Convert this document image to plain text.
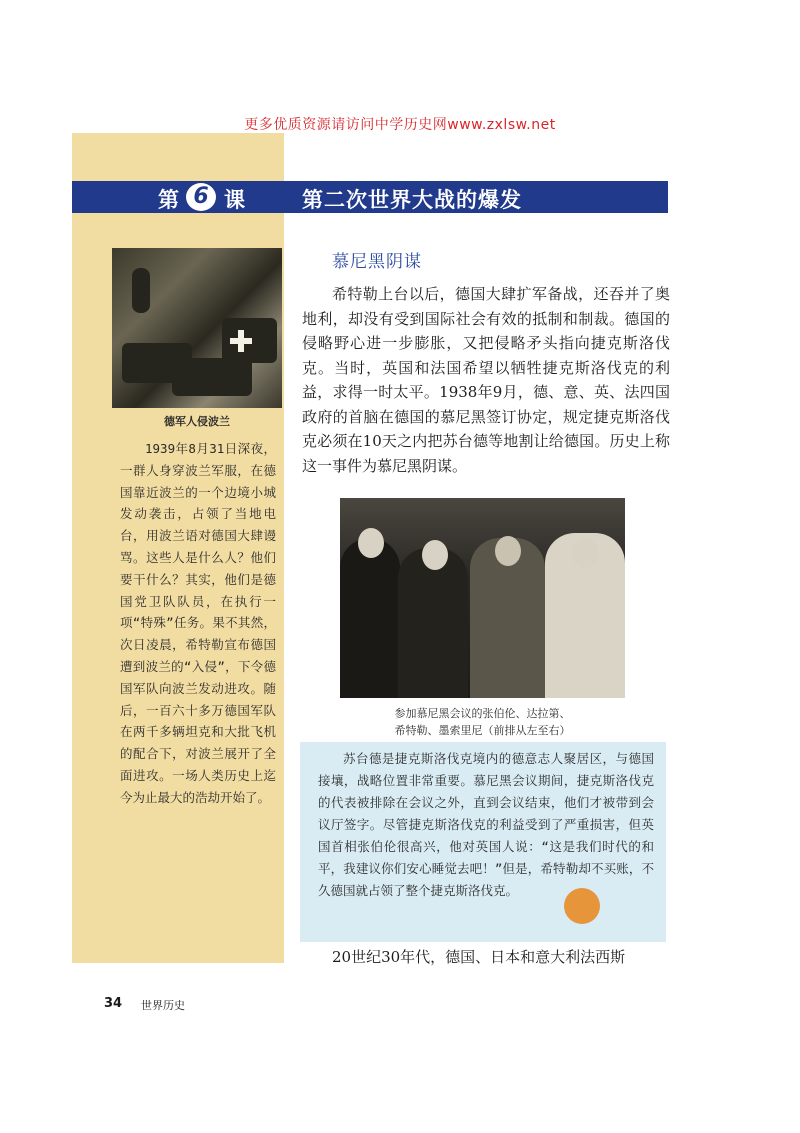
更多优质资源请访问中学历史网www.zxlsw.net
德军人侵波兰
1939年8月31日深夜，一群人身穿波兰军服，在德国靠近波兰的一个边境小城发动袭击，占领了当地电台，用波兰语对德国大肆谩骂。这些人是什么人？他们要干什么？其实，他们是德国党卫队队员，在执行一项“特殊”任务。果不其然，次日凌晨，希特勒宣布德国遭到波兰的“入侵”，下令德国军队向波兰发动进攻。随后，一百六十多万德国军队在两千多辆坦克和大批飞机的配合下，对波兰展开了全面进攻。一场人类历史上迄今为止最大的浩劫开始了。
第 6 课	第二次世界大战的爆发
慕尼黑阴谋
希特勒上台以后，德国大肆扩军备战，还吞并了奥地利，却没有受到国际社会有效的抵制和制裁。德国的侵略野心进一步膨胀，又把侵略矛头指向捷克斯洛伐克。当时，英国和法国希望以牺牲捷克斯洛伐克的利益，求得一时太平。1938年9月，德、意、英、法四国政府的首脑在德国的慕尼黑签订协定，规定捷克斯洛伐克必须在10天之内把苏台德等地割让给德国。历史上称这一事件为慕尼黑阴谋。
参加慕尼黑会议的张伯伦、达拉第、
希特勒、墨索里尼（前排从左至右）
苏台德是捷克斯洛伐克境内的德意志人聚居区，与德国接壤，战略位置非常重要。慕尼黑会议期间，捷克斯洛伐克的代表被排除在会议之外，直到会议结束，他们才被带到会议厅签字。尽管捷克斯洛伐克的利益受到了严重损害，但英国首相张伯伦很高兴，他对英国人说：“这是我们时代的和平，我建议你们安心睡觉去吧！”但是，希特勒却不买账，不久德国就占领了整个捷克斯洛伐克。
20世纪30年代，德国、日本和意大利法西斯
34 世界历史
